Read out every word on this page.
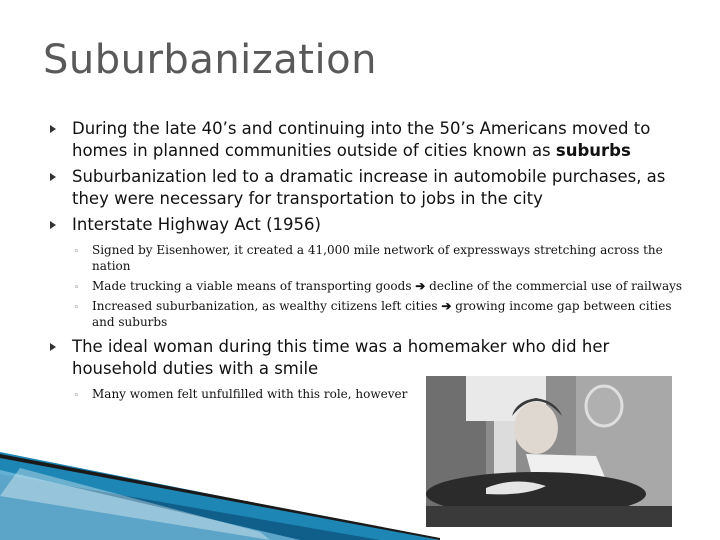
Suburbanization
During the late 40’s and continuing into the 50’s Americans moved to homes in planned communities outside of cities known as suburbs
Suburbanization led to a dramatic increase in automobile purchases, as they were necessary for transportation to jobs in the city
Interstate Highway Act (1956)
◦ Signed by Eisenhower, it created a 41,000 mile network of expressways stretching across the nation
◦ Made trucking a viable means of transporting goods ➔ decline of the commercial use of railways
◦ Increased suburbanization, as wealthy citizens left cities ➔ growing income gap between cities and suburbs
The ideal woman during this time was a homemaker who did her household duties with a smile
◦ Many women felt unfulfilled with this role, however
